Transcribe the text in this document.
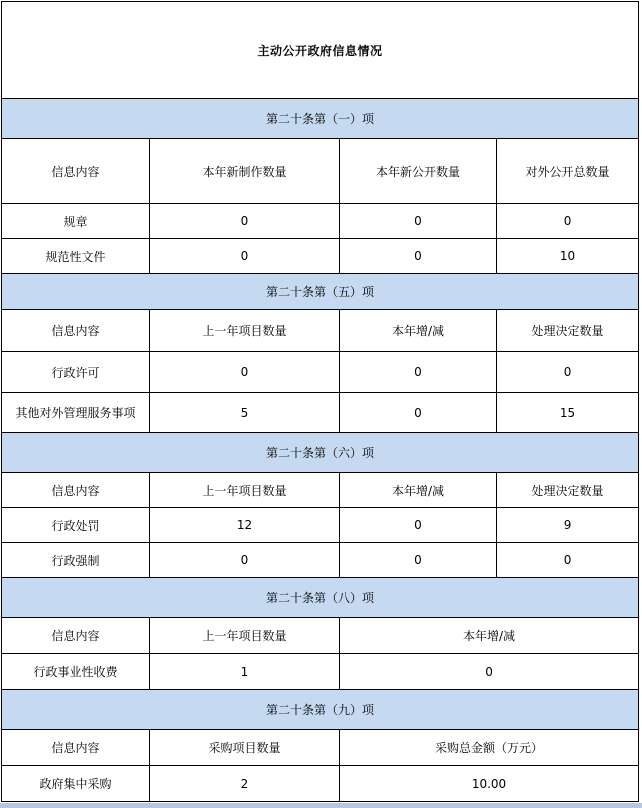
主动公开政府信息情况			
第二十条第（一）项			
信息内容	本年新制作数量	本年新公开数量	对外公开总数量
规章	0	0	0
规范性文件	0	0	10
第二十条第（五）项			
信息内容	上一年项目数量	本年增/减	处理决定数量
行政许可	0	0	0
其他对外管理服务事项	5	0	15
第二十条第（六）项			
信息内容	上一年项目数量	本年增/减	处理决定数量
行政处罚	12	0	9
行政强制	0	0	0
第二十条第（八）项			
信息内容	上一年项目数量	本年增/减	
行政事业性收费	1	0	
第二十条第（九）项			
信息内容	采购项目数量	采购总金额（万元）	
政府集中采购	2	10.00	
